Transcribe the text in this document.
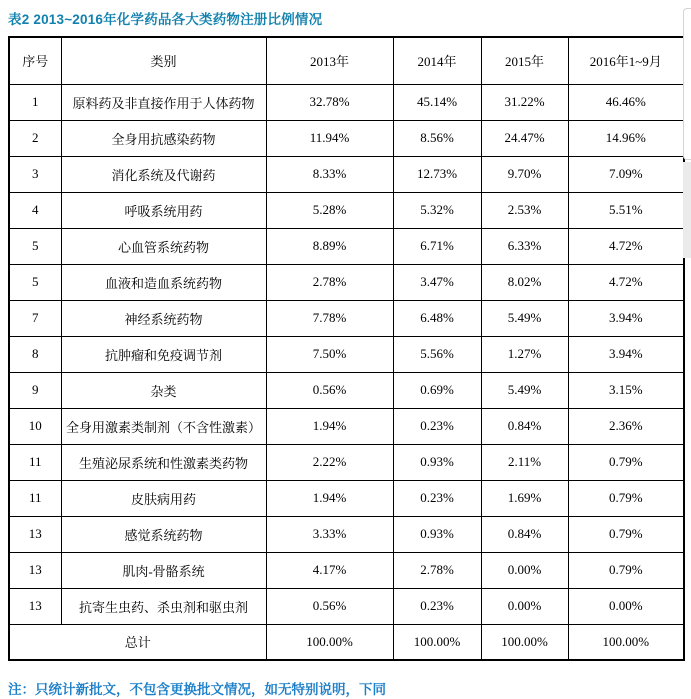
表2 2013~2016年化学药品各大类药物注册比例情况
序号	类别	2013年	2014年	2015年	2016年1~9月
1	原料药及非直接作用于人体药物	32.78%	45.14%	31.22%	46.46%
2	全身用抗感染药物	11.94%	8.56%	24.47%	14.96%
3	消化系统及代谢药	8.33%	12.73%	9.70%	7.09%
4	呼吸系统用药	5.28%	5.32%	2.53%	5.51%
5	心血管系统药物	8.89%	6.71%	6.33%	4.72%
5	血液和造血系统药物	2.78%	3.47%	8.02%	4.72%
7	神经系统药物	7.78%	6.48%	5.49%	3.94%
8	抗肿瘤和免疫调节剂	7.50%	5.56%	1.27%	3.94%
9	杂类	0.56%	0.69%	5.49%	3.15%
10	全身用激素类制剂（不含性激素）	1.94%	0.23%	0.84%	2.36%
11	生殖泌尿系统和性激素类药物	2.22%	0.93%	2.11%	0.79%
11	皮肤病用药	1.94%	0.23%	1.69%	0.79%
13	感觉系统药物	3.33%	0.93%	0.84%	0.79%
13	肌肉-骨骼系统	4.17%	2.78%	0.00%	0.79%
13	抗寄生虫药、杀虫剂和驱虫剂	0.56%	0.23%	0.00%	0.00%
总计		100.00%	100.00%	100.00%	100.00%
注：只统计新批文，不包含更换批文情况，如无特别说明，下同
